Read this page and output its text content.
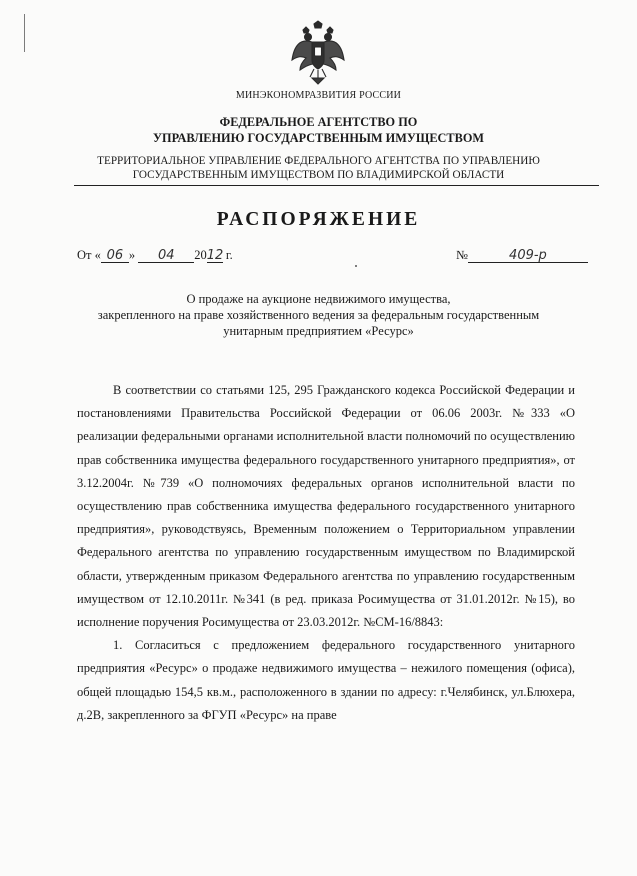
МИНЭКОНОМРАЗВИТИЯ РОССИИ
ФЕДЕРАЛЬНОЕ АГЕНТСТВО ПО
УПРАВЛЕНИЮ ГОСУДАРСТВЕННЫМ ИМУЩЕСТВОМ
ТЕРРИТОРИАЛЬНОЕ УПРАВЛЕНИЕ ФЕДЕРАЛЬНОГО АГЕНТСТВА ПО УПРАВЛЕНИЮ
ГОСУДАРСТВЕННЫМ ИМУЩЕСТВОМ ПО ВЛАДИМИРСКОЙ ОБЛАСТИ
РАСПОРЯЖЕНИЕ
От « 06 » 04 2012 г.	№	409-р
О продаже на аукционе недвижимого имущества,
закрепленного на праве хозяйственного ведения за федеральным государственным
унитарным предприятием «Ресурс»

В соответствии со статьями 125, 295 Гражданского кодекса Российской Федерации и постановлениями Правительства Российской Федерации от 06.06 2003г. №333 «О реализации федеральными органами исполнительной власти полномочий по осуществлению прав собственника имущества федерального государственного унитарного предприятия», от 3.12.2004г. №739 «О полномочиях федеральных органов исполнительной власти по осуществлению прав собственника имущества федерального государственного унитарного предприятия», руководствуясь, Временным положением о Территориальном управлении Федерального агентства по управлению государственным имуществом по Владимирской области, утвержденным приказом Федерального агентства по управлению государственным имуществом от 12.10.2011г. №341 (в ред. приказа Росимущества от 31.01.2012г. №15), во исполнение поручения Росимущества от 23.03.2012г. №СМ-16/8843:

1. Согласиться с предложением федерального государственного унитарного предприятия «Ресурс» о продаже недвижимого имущества – нежилого помещения (офиса), общей площадью 154,5 кв.м., расположенного в здании по адресу: г.Челябинск, ул.Блюхера, д.2В, закрепленного за ФГУП «Ресурс» на праве
